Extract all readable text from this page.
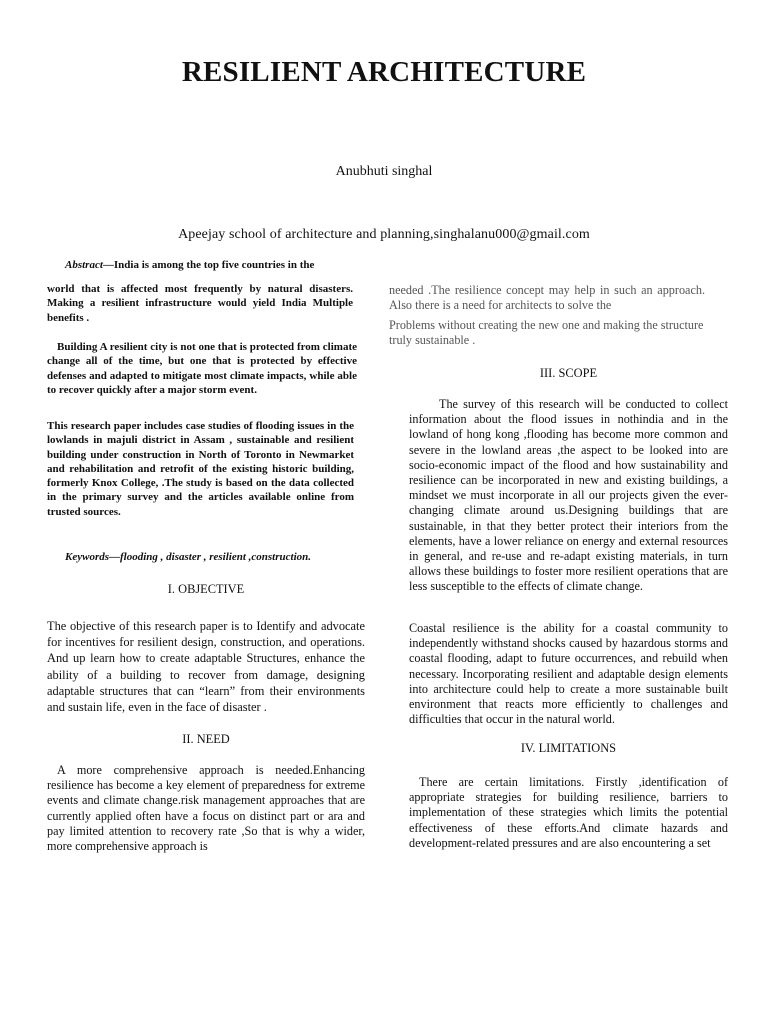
RESILIENT ARCHITECTURE
Anubhuti singhal
Apeejay school of architecture and planning,singhalanu000@gmail.com

Abstract—India is among the top five countries in the

world that is affected most frequently by natural disasters. Making a resilient infrastructure would yield India Multiple benefits .

Building A resilient city is not one that is protected from climate change all of the time, but one that is protected by effective defenses and adapted to mitigate most climate impacts, while able to recover quickly after a major storm event.

This research paper includes case studies of flooding issues in the lowlands in majuli district in Assam , sustainable and resilient building under construction in North of Toronto in Newmarket and rehabilitation and retrofit of the existing historic building, formerly Knox College, .The study is based on the data collected in the primary survey and the articles available online from trusted sources.

Keywords—flooding , disaster , resilient ,construction.

I. OBJECTIVE

The objective of this research paper is to Identify and advocate for incentives for resilient design, construction, and operations. And up learn how to create adaptable Structures, enhance the ability of a building to recover from damage, designing adaptable structures that can “learn” from their environments and sustain life, even in the face of disaster .

II. NEED

A more comprehensive approach is needed.Enhancing resilience has become a key element of preparedness for extreme events and climate change.risk management approaches that are currently applied often have a focus on distinct part or ara and pay limited attention to recovery rate ,So that is why a wider, more comprehensive approach is

needed .The resilience concept may help in such an approach. Also there is a need for architects to solve the

Problems without creating the new one and making the structure truly sustainable .

III. SCOPE

The survey of this research will be conducted to collect information about the flood issues in nothindia and in the lowland of hong kong ,flooding has become more common and severe in the lowland areas ,the aspect to be looked into are socio-economic impact of the flood and how sustainability and resilience can be incorporated in new and existing buildings, a mindset we must incorporate in all our projects given the ever-changing climate around us.Designing buildings that are sustainable, in that they better protect their interiors from the elements, have a lower reliance on energy and external resources in general, and re-use and re-adapt existing materials, in turn allows these buildings to foster more resilient operations that are less susceptible to the effects of climate change.

Coastal resilience is the ability for a coastal community to independently withstand shocks caused by hazardous storms and coastal flooding, adapt to future occurrences, and rebuild when necessary. Incorporating resilient and adaptable design elements into architecture could help to create a more sustainable built environment that reacts more efficiently to challenges and difficulties that occur in the natural world.

IV. LIMITATIONS

There are certain limitations. Firstly ,identification of appropriate strategies for building resilience, barriers to implementation of these strategies which limits the potential effectiveness of these efforts.And climate hazards and development-related pressures and are also encountering a set
